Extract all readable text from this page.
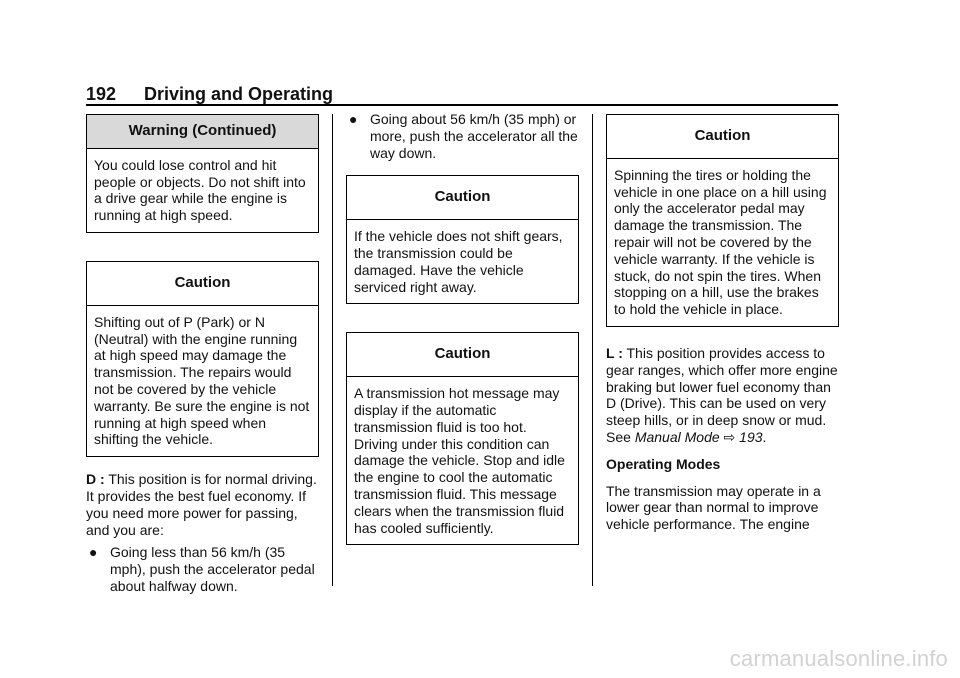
192 Driving and Operating
Warning (Continued)

You could lose control and hit people or objects. Do not shift into a drive gear while the engine is running at high speed.

Caution

Shifting out of P (Park) or N (Neutral) with the engine running at high speed may damage the transmission. The repairs would not be covered by the vehicle warranty. Be sure the engine is not running at high speed when shifting the vehicle.

D : This position is for normal driving. It provides the best fuel economy. If you need more power for passing, and you are:

● Going less than 56 km/h (35 mph), push the accelerator pedal about halfway down.
● Going about 56 km/h (35 mph) or more, push the accelerator all the way down.
Caution

If the vehicle does not shift gears, the transmission could be damaged. Have the vehicle serviced right away.

Caution

A transmission hot message may display if the automatic transmission fluid is too hot. Driving under this condition can damage the vehicle. Stop and idle the engine to cool the automatic transmission fluid. This message clears when the transmission fluid has cooled sufficiently.

Caution

Spinning the tires or holding the vehicle in one place on a hill using only the accelerator pedal may damage the transmission. The repair will not be covered by the vehicle warranty. If the vehicle is stuck, do not spin the tires. When stopping on a hill, use the brakes to hold the vehicle in place.

L : This position provides access to gear ranges, which offer more engine braking but lower fuel economy than D (Drive). This can be used on very steep hills, or in deep snow or mud. See Manual Mode ⇨ 193.

Operating Modes

The transmission may operate in a lower gear than normal to improve vehicle performance. The engine

carmanualsonline.info
